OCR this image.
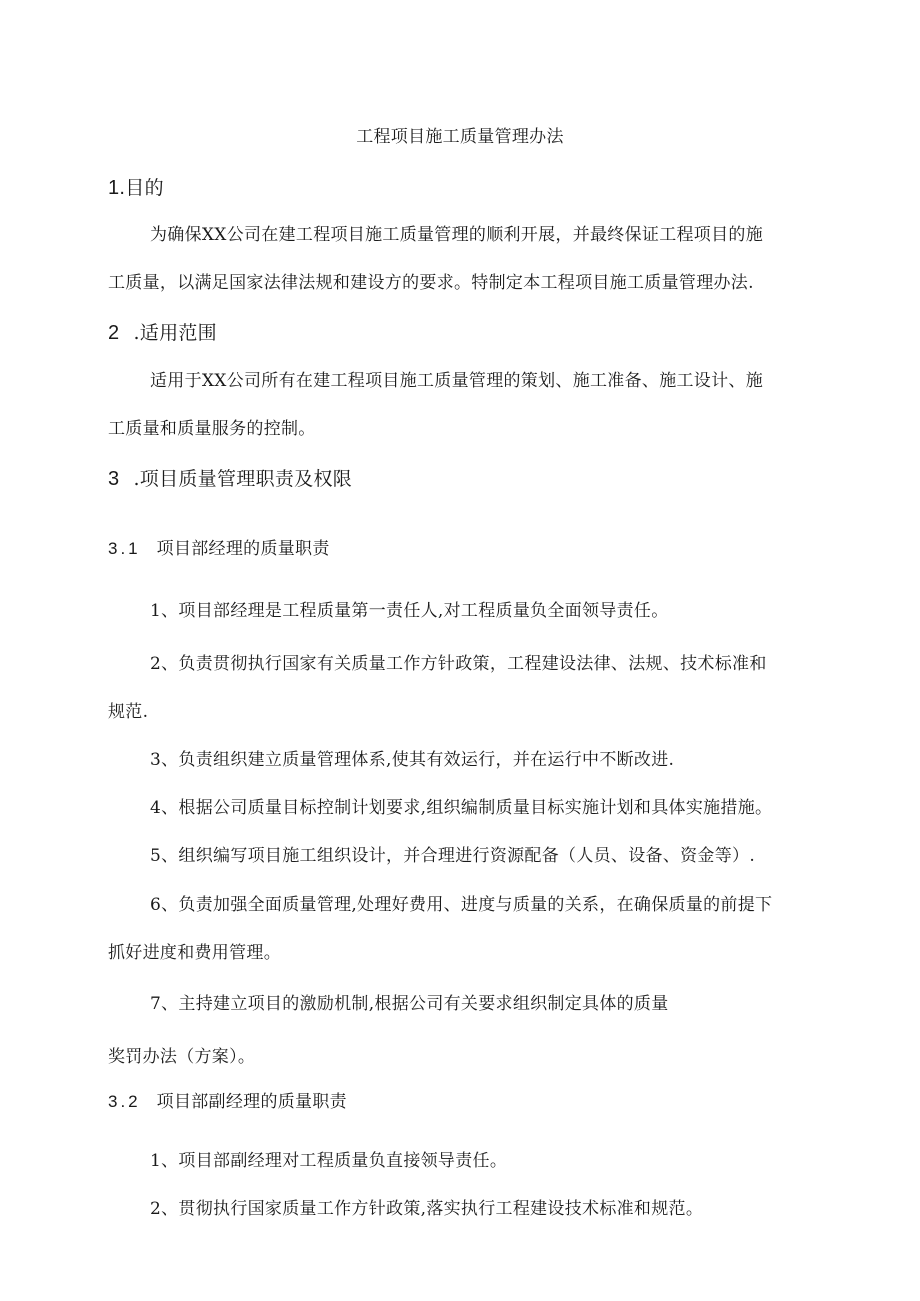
工程项目施工质量管理办法
1.目的
为确保XX公司在建工程项目施工质量管理的顺利开展，并最终保证工程项目的施
工质量，以满足国家法律法规和建设方的要求。特制定本工程项目施工质量管理办法.
2 .适用范围
适用于XX公司所有在建工程项目施工质量管理的策划、施工准备、施工设计、施
工质量和质量服务的控制。
3 .项目质量管理职责及权限
3.1 项目部经理的质量职责
1、项目部经理是工程质量第一责任人,对工程质量负全面领导责任。
2、负责贯彻执行国家有关质量工作方针政策，工程建设法律、法规、技术标准和
规范.
3、负责组织建立质量管理体系,使其有效运行，并在运行中不断改进.
4、根据公司质量目标控制计划要求,组织编制质量目标实施计划和具体实施措施。
5、组织编写项目施工组织设计，并合理进行资源配备（人员、设备、资金等）.
6、负责加强全面质量管理,处理好费用、进度与质量的关系，在确保质量的前提下
抓好进度和费用管理。
7、主持建立项目的激励机制,根据公司有关要求组织制定具体的质量
奖罚办法（方案）。
3.2 项目部副经理的质量职责
1、项目部副经理对工程质量负直接领导责任。
2、贯彻执行国家质量工作方针政策,落实执行工程建设技术标准和规范。
